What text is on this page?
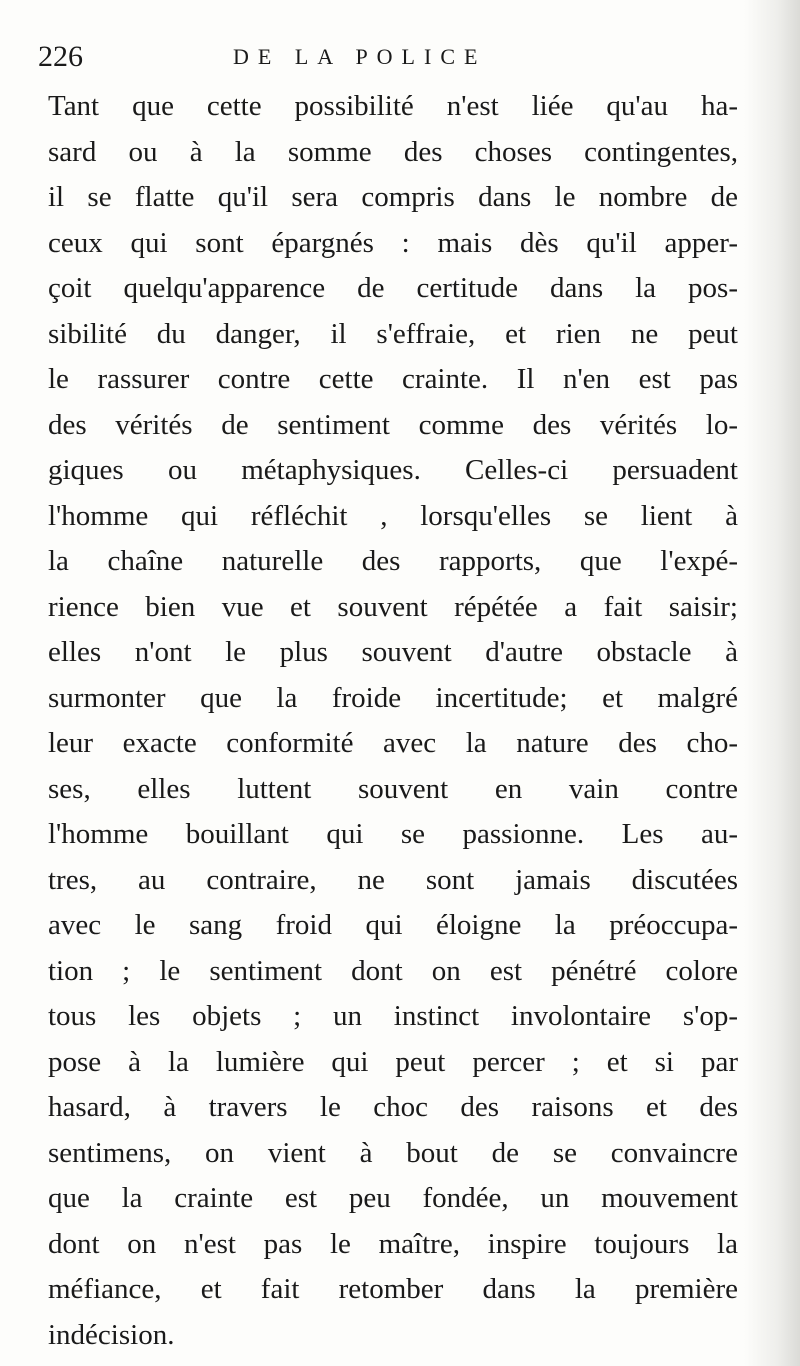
226	DE LA POLICE
Tant que cette possibilité n'est liée qu'au ha-
sard ou à la somme des choses contingentes,
il se flatte qu'il sera compris dans le nombre de
ceux qui sont épargnés : mais dès qu'il apper-
çoit quelqu'apparence de certitude dans la pos-
sibilité du danger, il s'effraie, et rien ne peut
le rassurer contre cette crainte. Il n'en est pas
des vérités de sentiment comme des vérités lo-
giques ou métaphysiques. Celles-ci persuadent
l'homme qui réfléchit , lorsqu'elles se lient à
la chaîne naturelle des rapports, que l'expé-
rience bien vue et souvent répétée a fait saisir;
elles n'ont le plus souvent d'autre obstacle à
surmonter que la froide incertitude; et malgré
leur exacte conformité avec la nature des cho-
ses, elles luttent souvent en vain contre
l'homme bouillant qui se passionne. Les au-
tres, au contraire, ne sont jamais discutées
avec le sang froid qui éloigne la préoccupa-
tion ; le sentiment dont on est pénétré colore
tous les objets ; un instinct involontaire s'op-
pose à la lumière qui peut percer ; et si par
hasard, à travers le choc des raisons et des
sentimens, on vient à bout de se convaincre
que la crainte est peu fondée, un mouvement
dont on n'est pas le maître, inspire toujours la
méfiance, et fait retomber dans la première
indécision.
